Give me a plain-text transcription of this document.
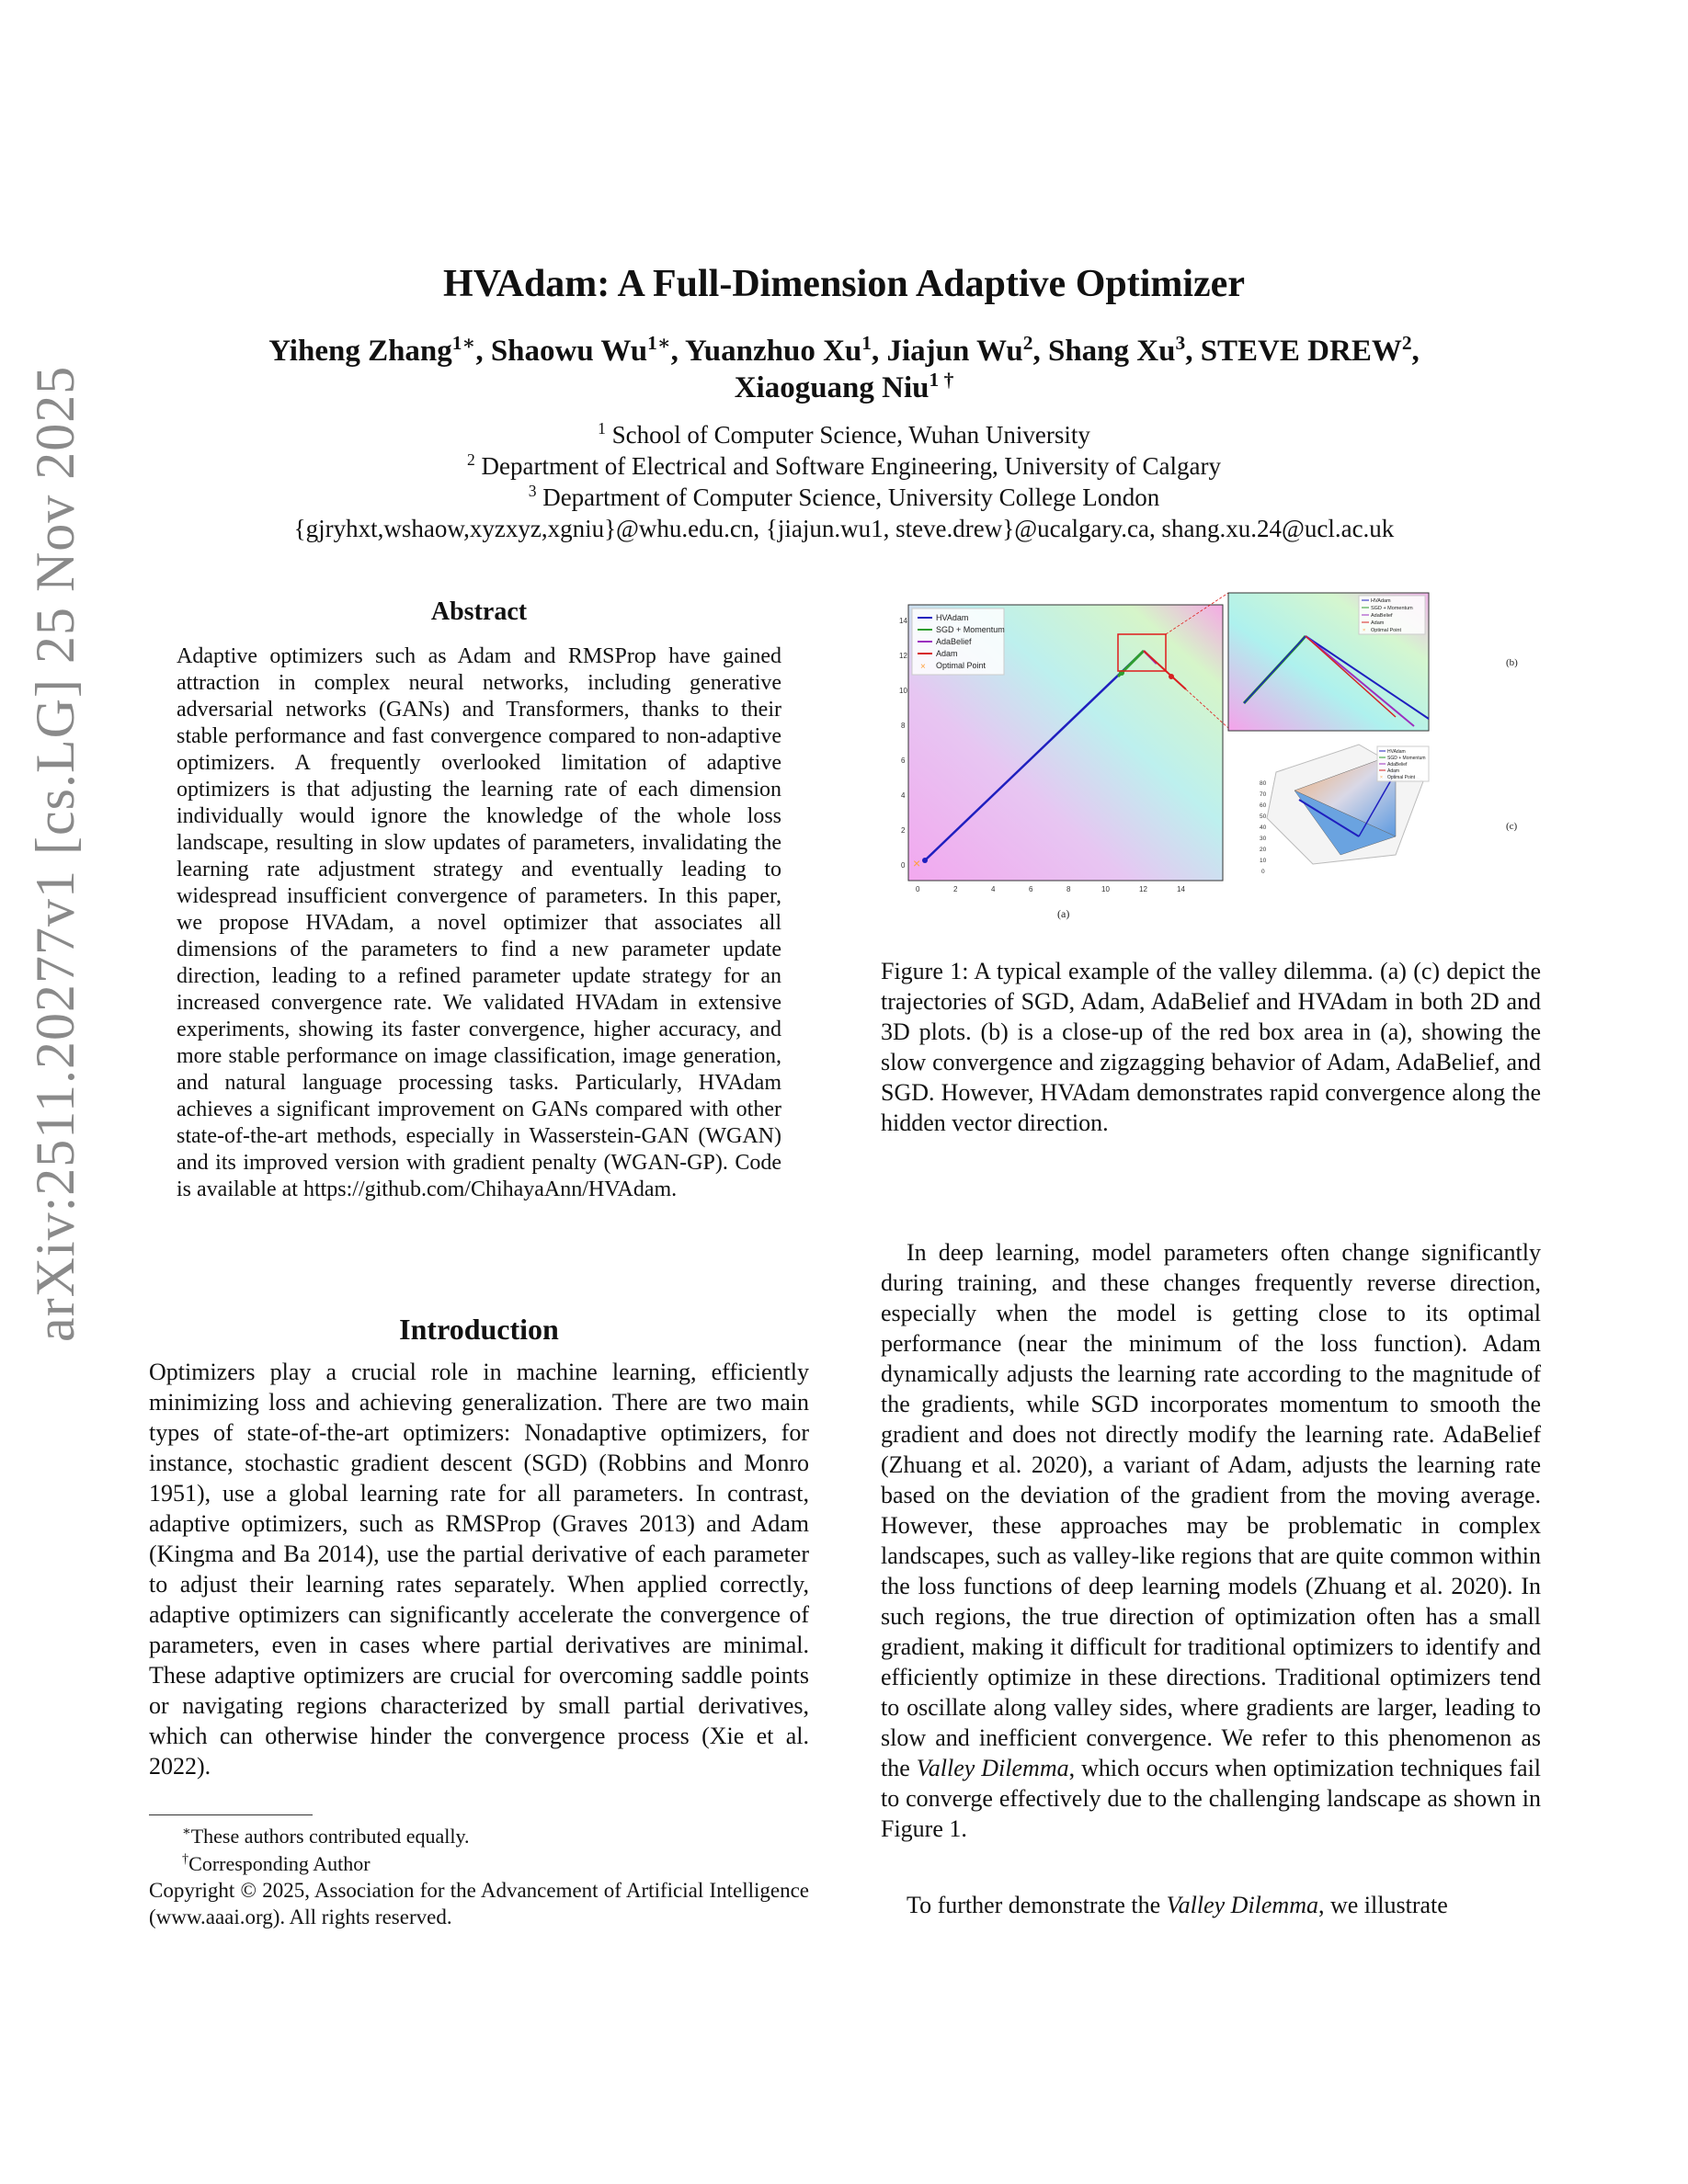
arXiv:2511.20277v1 [cs.LG] 25 Nov 2025
HVAdam: A Full-Dimension Adaptive Optimizer
Yiheng Zhang$^{1∗}$, Shaowu $Wu^{1∗}$, Yuanzhuo Xu$^1$, Jiajun Wu$^2$, Shang Xu$^3$, STEVE DREW$^2$,
Xiaoguang Niu$^{1 \dagger}$
$^1$ School of Computer Science, Wuhan University
$^2$ Department of Electrical and Software Engineering, University of Calgary
$^3$ Department of Computer Science, University College London
{gjryhxt,wshaow,xyzxyz,xgniu}@whu.edu.cn, {jiajun.wu1, steve.drew}@ucalgary.ca, shang.xu.24@ucl.ac.uk
Abstract
Adaptive optimizers such as Adam and RMSProp have gained attraction in complex neural networks, including generative adversarial networks (GANs) and Transformers, thanks to their stable performance and fast convergence compared to non-adaptive optimizers. A frequently overlooked limitation of adaptive optimizers is that adjusting the learning rate of each dimension individually would ignore the knowledge of the whole loss landscape, resulting in slow updates of parameters, invalidating the learning rate adjustment strategy and eventually leading to widespread insufficient convergence of parameters. In this paper, we propose HVAdam, a novel optimizer that associates all dimensions of the parameters to find a new parameter update direction, leading to a refined parameter update strategy for an increased convergence rate. We validated HVAdam in extensive experiments, showing its faster convergence, higher accuracy, and more stable performance on image classification, image generation, and natural language processing tasks. Particularly, HVAdam achieves a significant improvement on GANs compared with other state-of-the-art methods, especially in Wasserstein-GAN (WGAN) and its improved version with gradient penalty (WGAN-GP). Code is available at https://github.com/ChihayaAnn/HVAdam.
Introduction
Optimizers play a crucial role in machine learning, efficiently minimizing loss and achieving generalization. There are two main types of state-of-the-art optimizers: Nonadaptive optimizers, for instance, stochastic gradient descent (SGD) (Robbins and Monro 1951), use a global learning rate for all parameters. In contrast, adaptive optimizers, such as RMSProp (Graves 2013) and Adam (Kingma and Ba 2014), use the partial derivative of each parameter to adjust their learning rates separately. When applied correctly, adaptive optimizers can significantly accelerate the convergence of parameters, even in cases where partial derivatives are minimal. These adaptive optimizers are crucial for overcoming saddle points or navigating regions characterized by small partial derivatives, which can otherwise hinder the convergence process (Xie et al. 2022).
∗These authors contributed equally.
†Corresponding Author
Copyright © 2025, Association for the Advancement of Artificial Intelligence (www.aaai.org). All rights reserved.
14
12
10
8
6
4
2
0
0	2	4	6	8	10	12	14
×
×
HVAdam
SGD + Momentum
AdaBelief
Adam
Optimal Point
(a)
HVAdam
SGD + Momentum
AdaBelief
Adam
× Optimal Point
(b)
80
70
60
50
40
30
20
10
0
HVAdam
SGD + Momentum
AdaBelief
Adam
× Optimal Point
(c)
Figure 1: A typical example of the valley dilemma. (a) (c) depict the trajectories of SGD, Adam, AdaBelief and HVAdam in both 2D and 3D plots. (b) is a close-up of the red box area in (a), showing the slow convergence and zigzagging behavior of Adam, AdaBelief, and SGD. However, HVAdam demonstrates rapid convergence along the hidden vector direction.
In deep learning, model parameters often change significantly during training, and these changes frequently reverse direction, especially when the model is getting close to its optimal performance (near the minimum of the loss function). Adam dynamically adjusts the learning rate according to the magnitude of the gradients, while SGD incorporates momentum to smooth the gradient and does not directly modify the learning rate. AdaBelief (Zhuang et al. 2020), a variant of Adam, adjusts the learning rate based on the deviation of the gradient from the moving average. However, these approaches may be problematic in complex landscapes, such as valley-like regions that are quite common within the loss functions of deep learning models (Zhuang et al. 2020). In such regions, the true direction of optimization often has a small gradient, making it difficult for traditional optimizers to identify and efficiently optimize in these directions. Traditional optimizers tend to oscillate along valley sides, where gradients are larger, leading to slow and inefficient convergence. We refer to this phenomenon as the Valley Dilemma, which occurs when optimization techniques fail to converge effectively due to the challenging landscape as shown in Figure 1.
To further demonstrate the Valley Dilemma, we illustrate
